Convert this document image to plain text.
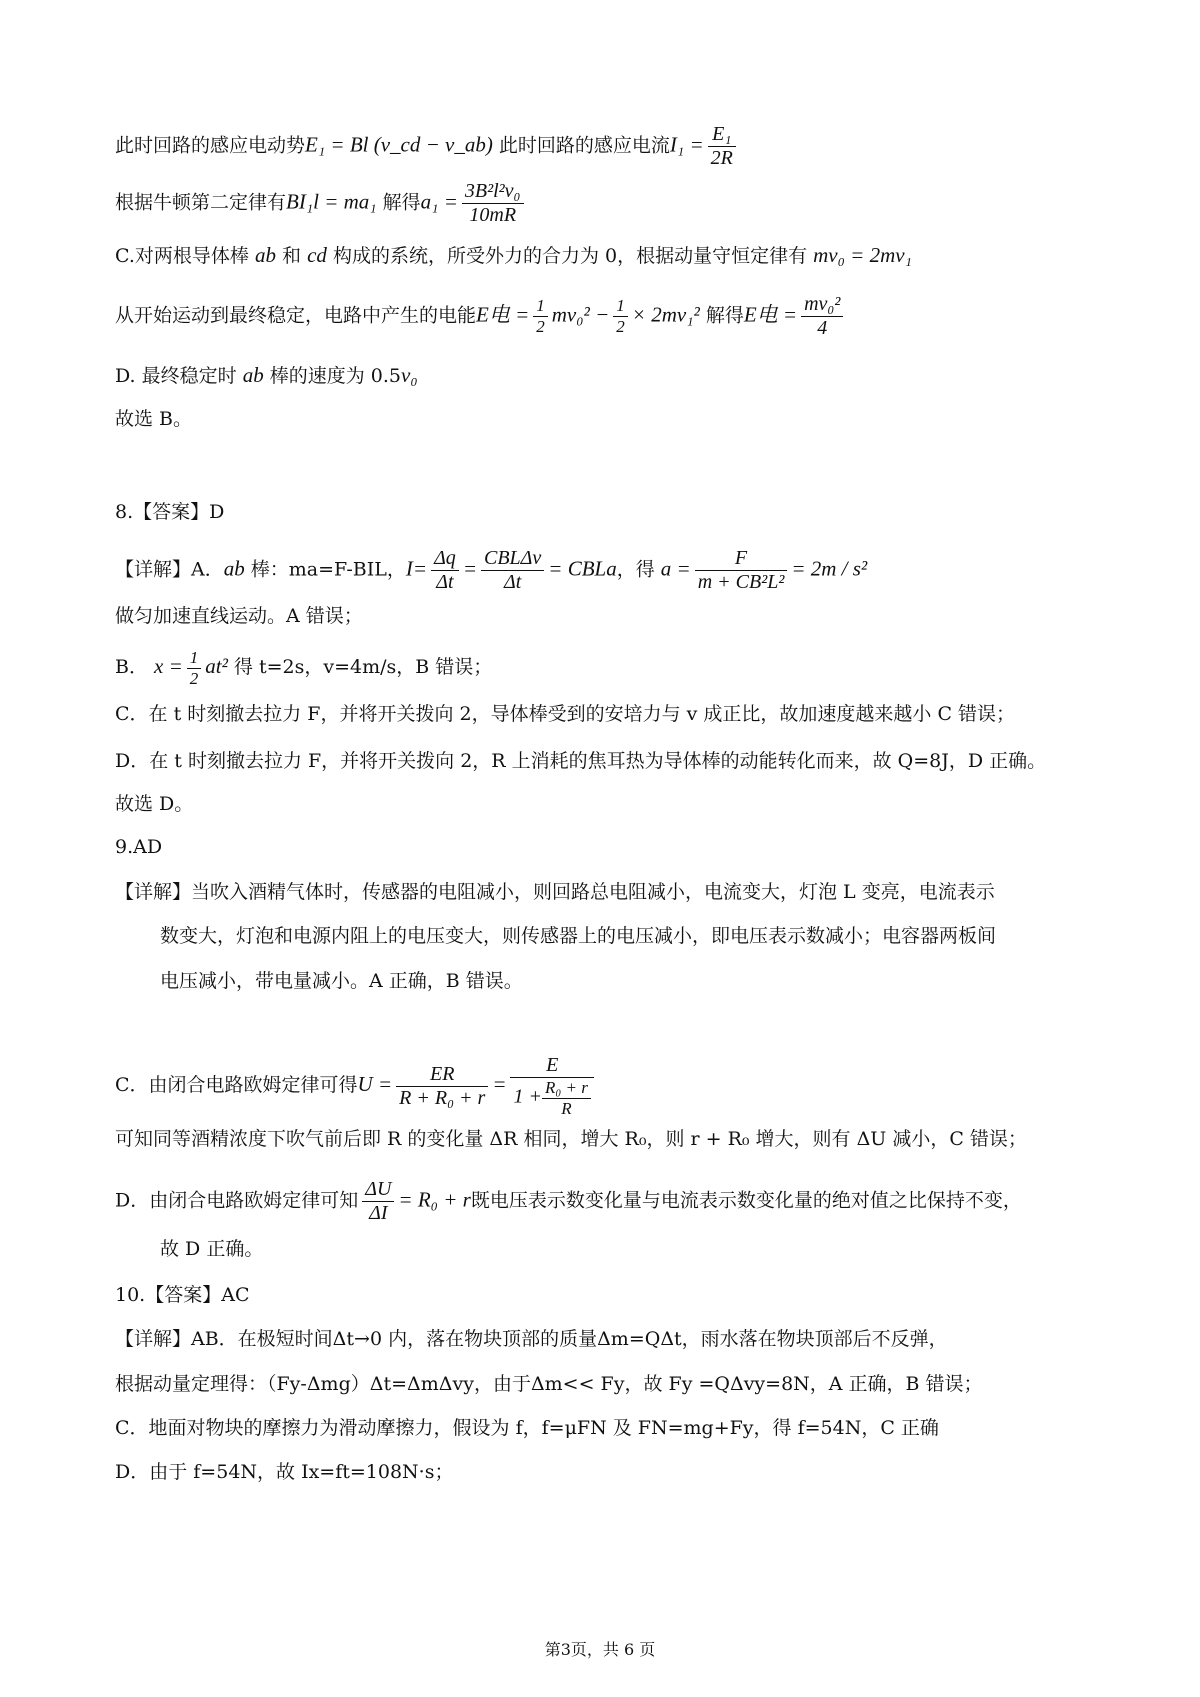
此时回路的感应电动势E₁ = Bl (v_cd − v_ab) 此时回路的感应电流$I_1 = \frac{\text{E₁}}{2R}$
根据牛顿第二定律有BI₁l = ma₁ 解得$a_1 = \frac{\text{3B²l²v₀}}{10mR}$
C.对两根导体棒 ab 和 cd 构成的系统，所受外力的合力为 0，根据动量守恒定律有 mv₀ = 2mv₁
从开始运动到最终稳定，电路中产生的电能E电 = $\frac{1}{2} mv_0^2 - \frac{1}{2} \times 2mv_1^2$ 解得E电 = $\frac{\text{mv₀²}}{4}$
D. 最终稳定时 ab 棒的速度为 0.5v₀
故选 B。
8.【答案】D
【详解】A．ab 棒：ma=F-BIL，$I= \frac{\Delta q}{\Delta t} = \frac{\text{CBLΔv}}{\Delta t}$ = CBLa，得 $a = \frac{F}{\text{m + CB²L²}} = 2m / s^2$
做匀加速直线运动。A 错误；
B． $x = \frac{1}{2} at^2$ 得 t=2s，v=4m/s，B 错误；
C．在 t 时刻撤去拉力 F，并将开关拨向 2，导体棒受到的安培力与 v 成正比，故加速度越来越小 C 错误；
D．在 t 时刻撤去拉力 F，并将开关拨向 2，R 上消耗的焦耳热为导体棒的动能转化而来，故 Q=8J，D 正确。
故选 D。
9.AD
【详解】当吹入酒精气体时，传感器的电阻减小，则回路总电阻减小，电流变大，灯泡 L 变亮，电流表示
数变大，灯泡和电源内阻上的电压变大，则传感器上的电压减小，即电压表示数减小；电容器两板间
电压减小，带电量减小。A 正确，B 错误。
C．由闭合电路欧姆定律可得$U = \frac{ER}{\text{R + R₀ + r}} = \frac{E}{1 + \frac{\text{R₀ + r}}{R}}$
可知同等酒精浓度下吹气前后即 R 的变化量 ΔR 相同，增大 R₀，则 r + R₀ 增大，则有 ΔU 减小，C 错误；
D．由闭合电路欧姆定律可知 $\frac{\Delta U}{\Delta I} = R_0 + r$既电压表示数变化量与电流表示数变化量的绝对值之比保持不变，
故 D 正确。
10.【答案】AC
【详解】AB．在极短时间Δt→0 内，落在物块顶部的质量Δm=QΔt，雨水落在物块顶部后不反弹，
根据动量定理得：（Fy-Δmg）Δt=ΔmΔvy，由于Δm<< Fy，故 Fy =QΔvy=8N，A 正确，B 错误；
C．地面对物块的摩擦力为滑动摩擦力，假设为 f，f=μFN 及 FN=mg+Fy，得 f=54N，C 正确
D．由于 f=54N，故 Ix=ft=108N·s；
第3页，共 6 页
